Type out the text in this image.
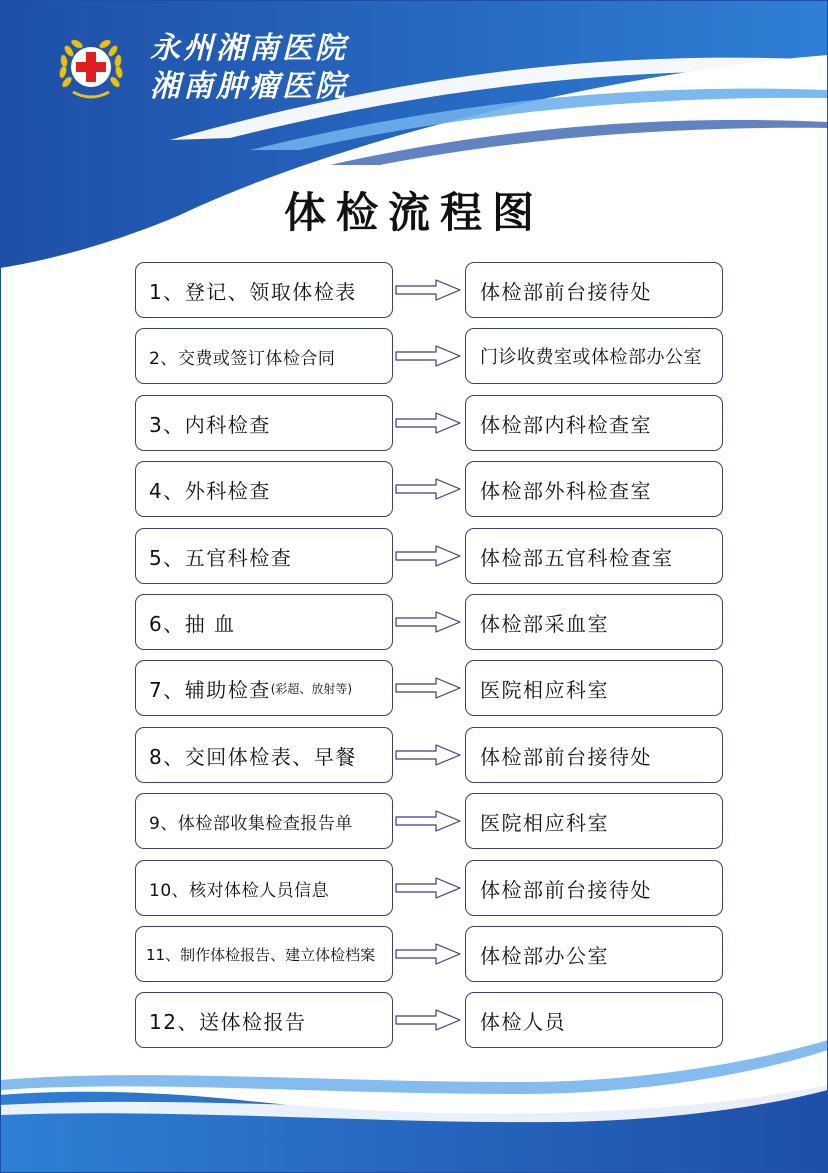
永州湘南医院
湘南肿瘤医院
体检流程图
1、登记、领取体检表	体检部前台接待处
2、交费或签订体检合同	门诊收费室或体检部办公室
3、内科检查	体检部内科检查室
4、外科检查	体检部外科检查室
5、五官科检查	体检部五官科检查室
6、抽 血	体检部采血室
7、辅助检查 (彩超、放射等)	医院相应科室
8、交回体检表、早餐	体检部前台接待处
9、体检部收集检查报告单	医院相应科室
10、核对体检人员信息	体检部前台接待处
11、制作体检报告、建立体检档案	体检部办公室
12、送体检报告	体检人员
